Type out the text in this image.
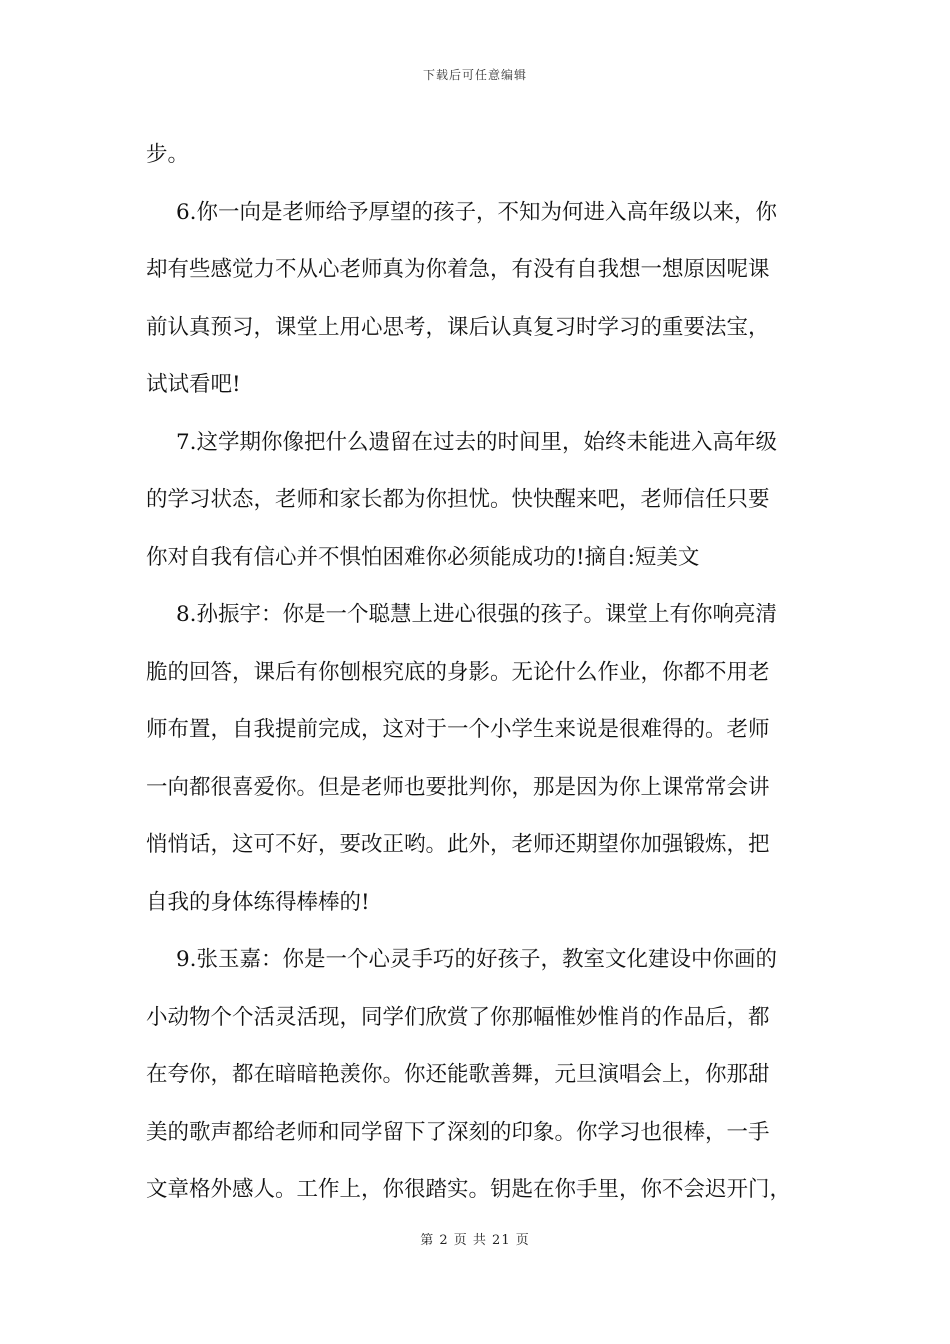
下载后可任意编辑
步。
6.你一向是老师给予厚望的孩子，不知为何进入高年级以来，你
却有些感觉力不从心老师真为你着急，有没有自我想一想原因呢课
前认真预习，课堂上用心思考，课后认真复习时学习的重要法宝，
试试看吧!
7.这学期你像把什么遗留在过去的时间里，始终未能进入高年级
的学习状态，老师和家长都为你担忧。快快醒来吧，老师信任只要
你对自我有信心并不惧怕困难你必须能成功的!摘自:短美文
8.孙振宇：你是一个聪慧上进心很强的孩子。课堂上有你响亮清
脆的回答，课后有你刨根究底的身影。无论什么作业，你都不用老
师布置，自我提前完成，这对于一个小学生来说是很难得的。老师
一向都很喜爱你。但是老师也要批判你，那是因为你上课常常会讲
悄悄话，这可不好，要改正哟。此外，老师还期望你加强锻炼，把
自我的身体练得棒棒的!
9.张玉嘉：你是一个心灵手巧的好孩子，教室文化建设中你画的
小动物个个活灵活现，同学们欣赏了你那幅惟妙惟肖的作品后，都
在夸你，都在暗暗艳羡你。你还能歌善舞，元旦演唱会上，你那甜
美的歌声都给老师和同学留下了深刻的印象。你学习也很棒，一手
文章格外感人。工作上，你很踏实。钥匙在你手里，你不会迟开门，
第 2 页 共 21 页
